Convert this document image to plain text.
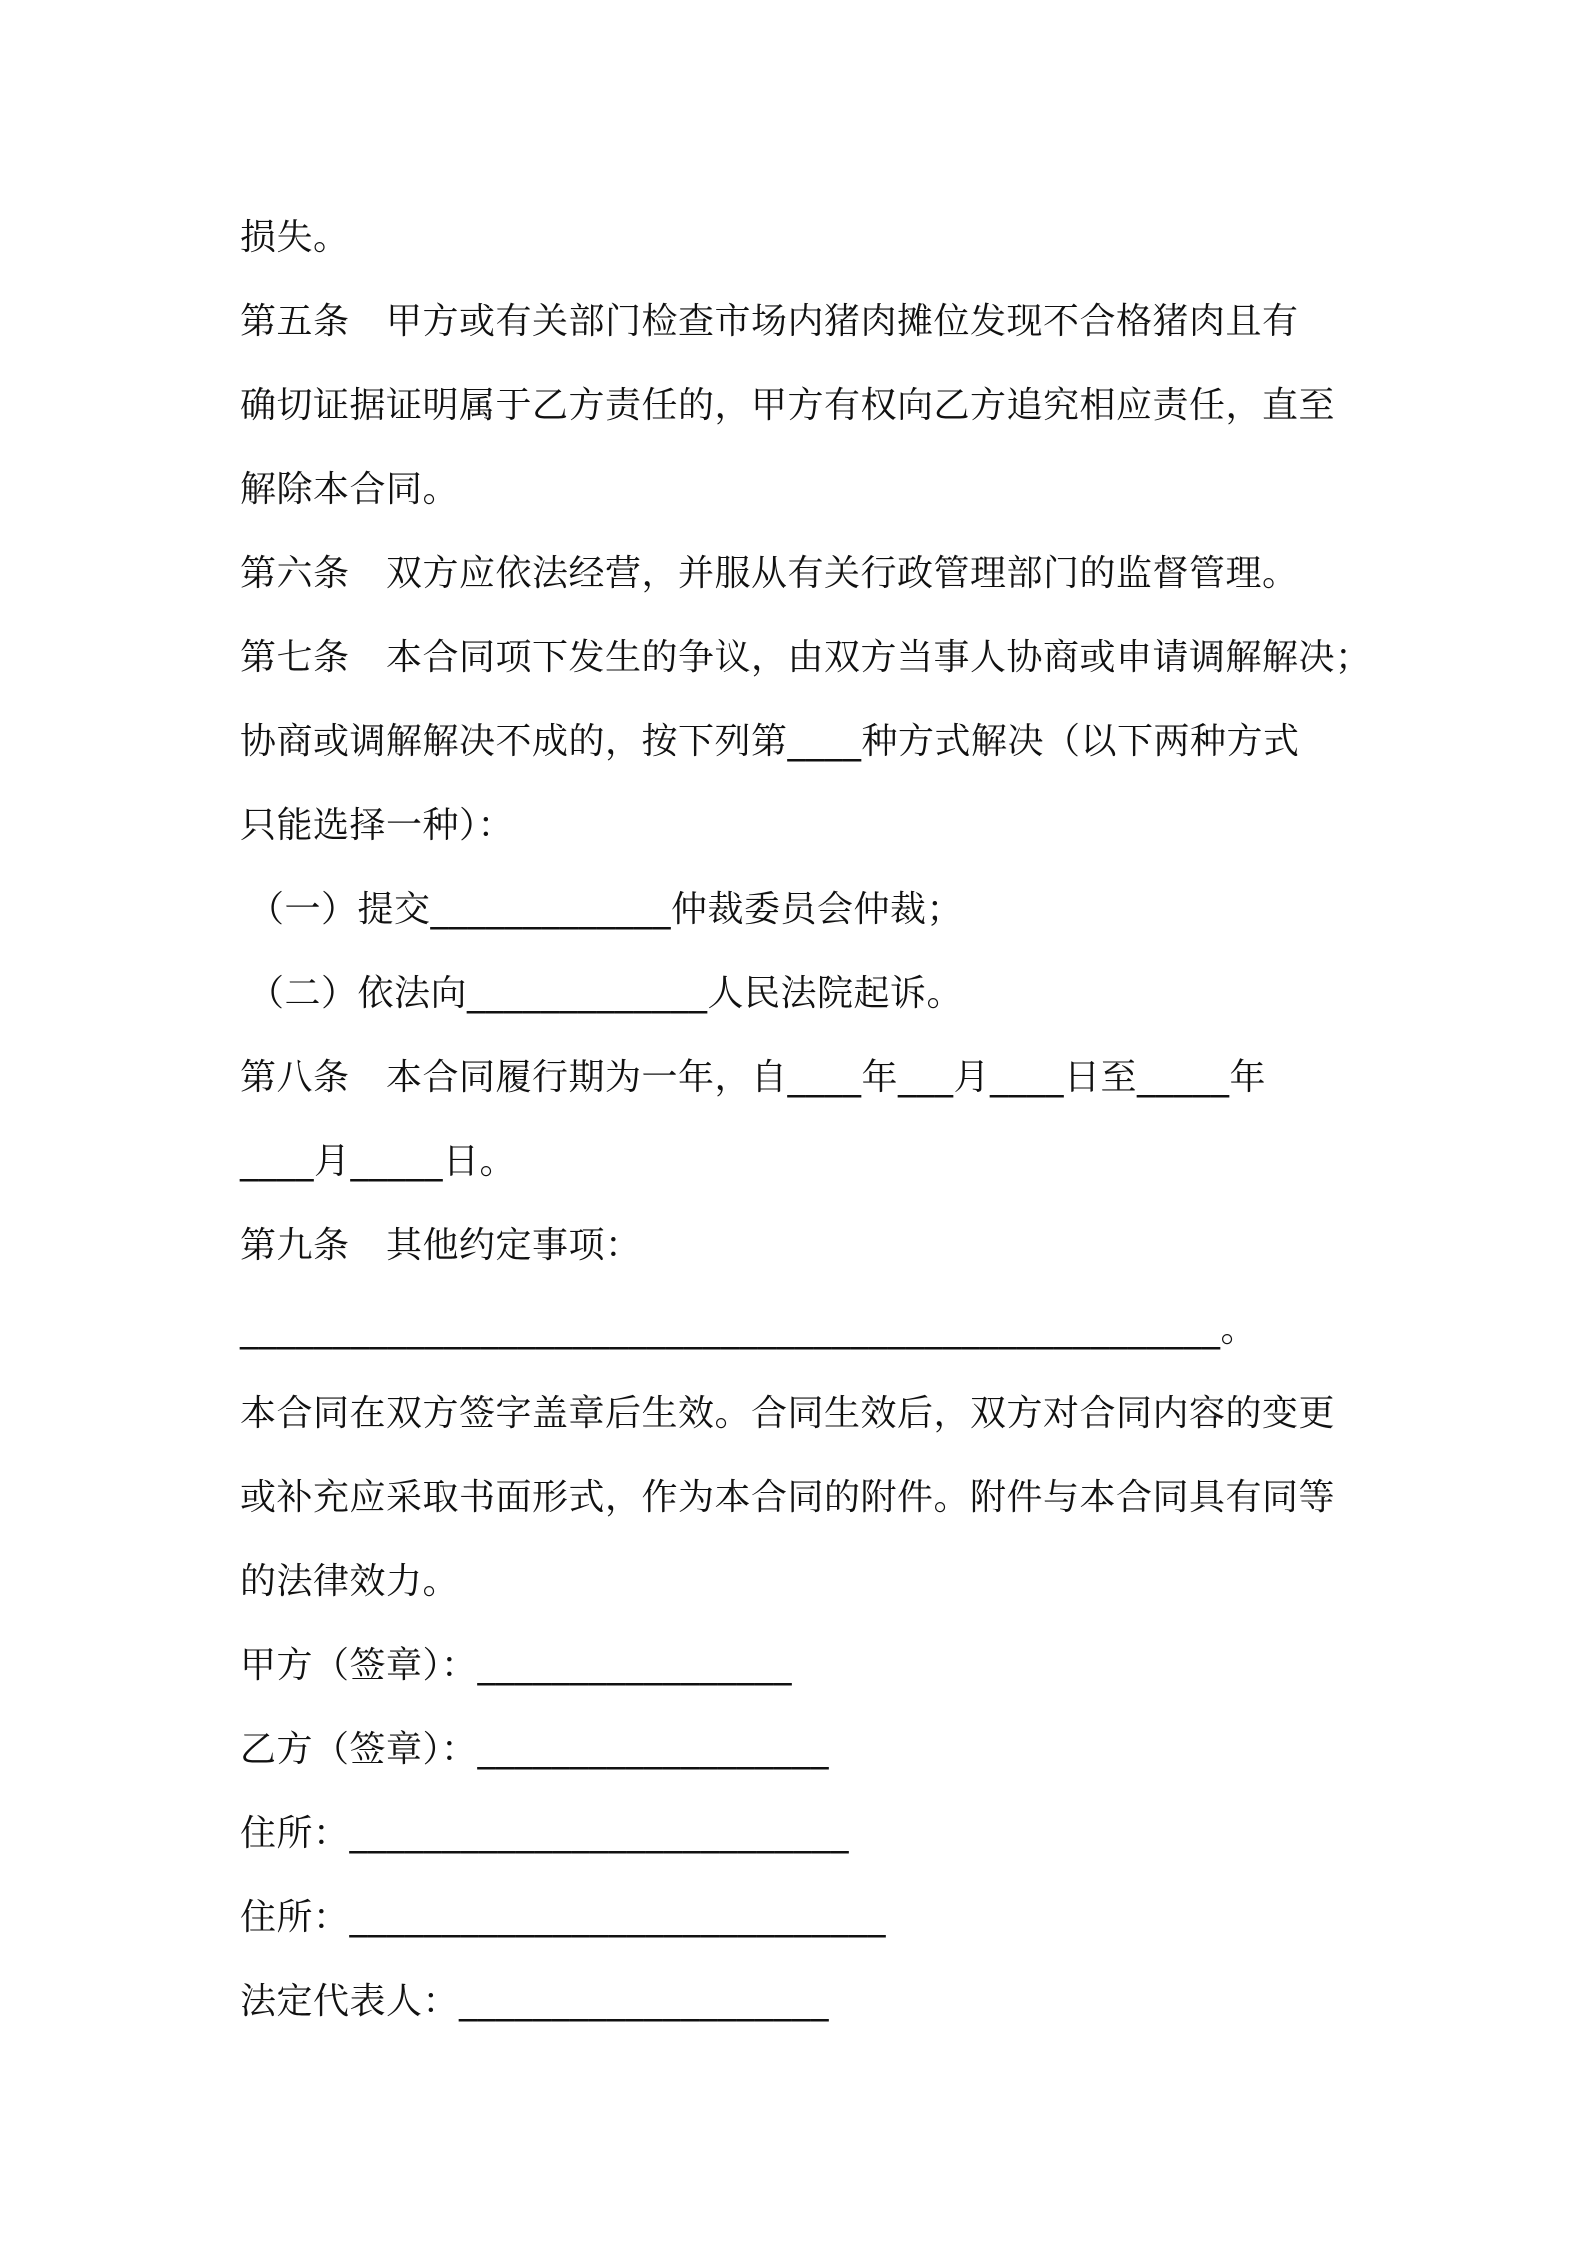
损失。
第五条　甲方或有关部门检查市场内猪肉摊位发现不合格猪肉且有
确切证据证明属于乙方责任的，甲方有权向乙方追究相应责任，直至
解除本合同。
第六条　双方应依法经营，并服从有关行政管理部门的监督管理。
第七条　本合同项下发生的争议，由双方当事人协商或申请调解解决；
协商或调解解决不成的，按下列第____种方式解决（以下两种方式
只能选择一种）：
（一）提交_____________仲裁委员会仲裁；
（二）依法向_____________人民法院起诉。
第八条　本合同履行期为一年，自____年___月____日至_____年
____月_____日。
第九条　其他约定事项：
_____________________________________________________。
本合同在双方签字盖章后生效。合同生效后，双方对合同内容的变更
或补充应采取书面形式，作为本合同的附件。附件与本合同具有同等
的法律效力。
甲方（签章）：_________________
乙方（签章）：___________________
住所：___________________________
住所：_____________________________
法定代表人：____________________
